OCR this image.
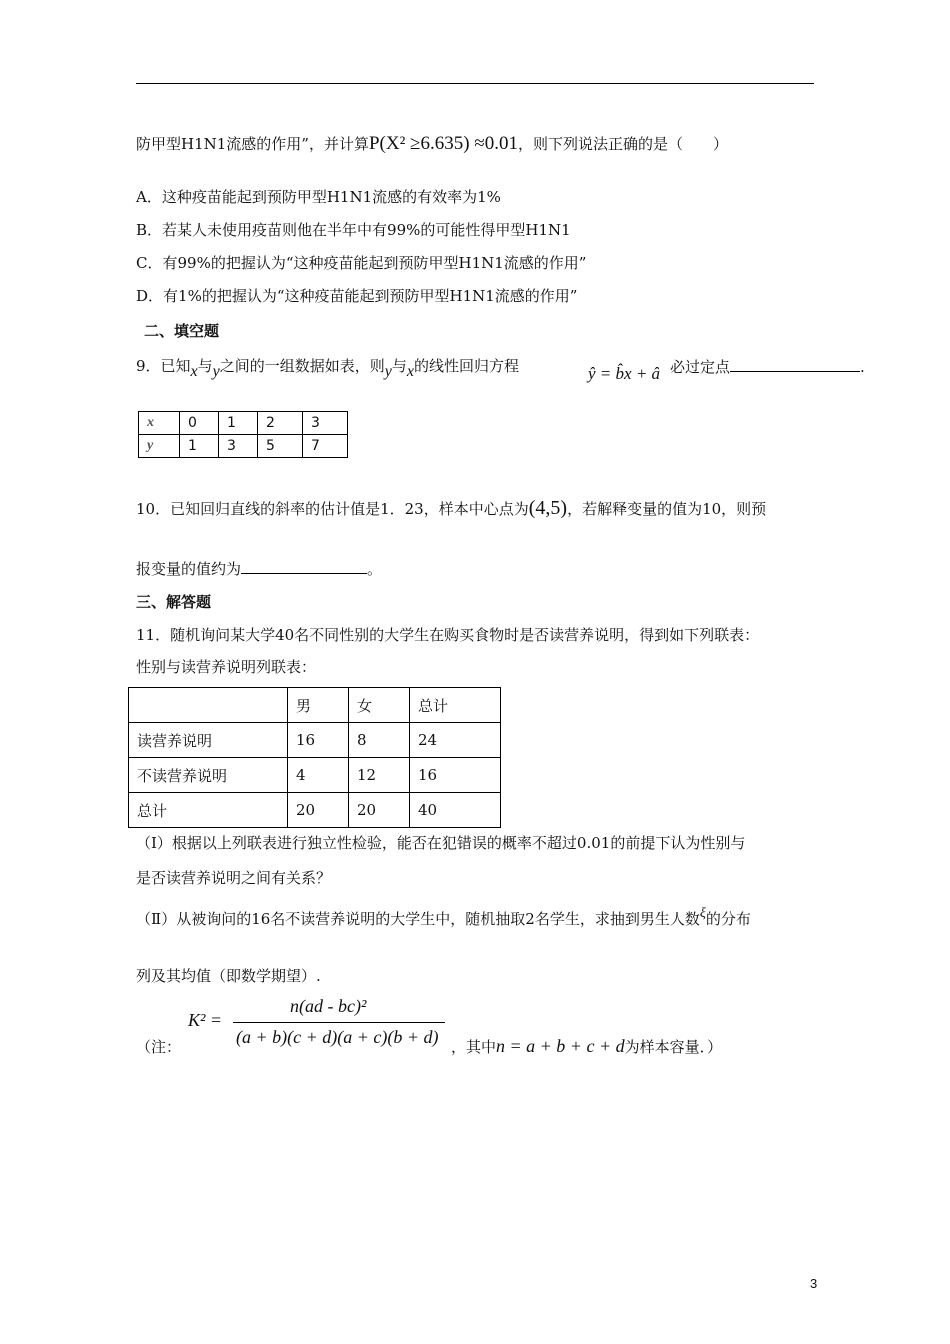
防甲型H1N1流感的作用”，并计算P(X² ≥6.635) ≈0.01，则下列说法正确的是（　　）
A．这种疫苗能起到预防甲型H1N1流感的有效率为1%
B．若某人未使用疫苗则他在半年中有99%的可能性得甲型H1N1
C．有99%的把握认为“这种疫苗能起到预防甲型H1N1流感的作用”
D．有1%的把握认为“这种疫苗能起到预防甲型H1N1流感的作用”
二、填空题
9．已知x与y之间的一组数据如表，则y与x的线性回归方程	ŷ = b̂x + â 必过定点	.
x	0	1	2	3
y	1	3	5	7
10．已知回归直线的斜率的估计值是1．23，样本中心点为(4,5)，若解释变量的值为10，则预
报变量的值约为	。
三、解答题
11．随机询问某大学40名不同性别的大学生在购买食物时是否读营养说明，得到如下列联表：
性别与读营养说明列联表：
	男	女	总计
读营养说明	16	8	24
不读营养说明	4	12	16
总计	20	20	40
（Ⅰ）根据以上列联表进行独立性检验，能否在犯错误的概率不超过0.01的前提下认为性别与
是否读营养说明之间有关系？
（Ⅱ）从被询问的16名不读营养说明的大学生中，随机抽取2名学生，求抽到男生人数ξ的分布
列及其均值（即数学期望）.
（注：
K² =
n(ad - bc)²
(a + b)(c + d)(a + c)(b + d) ，其中n = a + b + c + d为样本容量．）
3
